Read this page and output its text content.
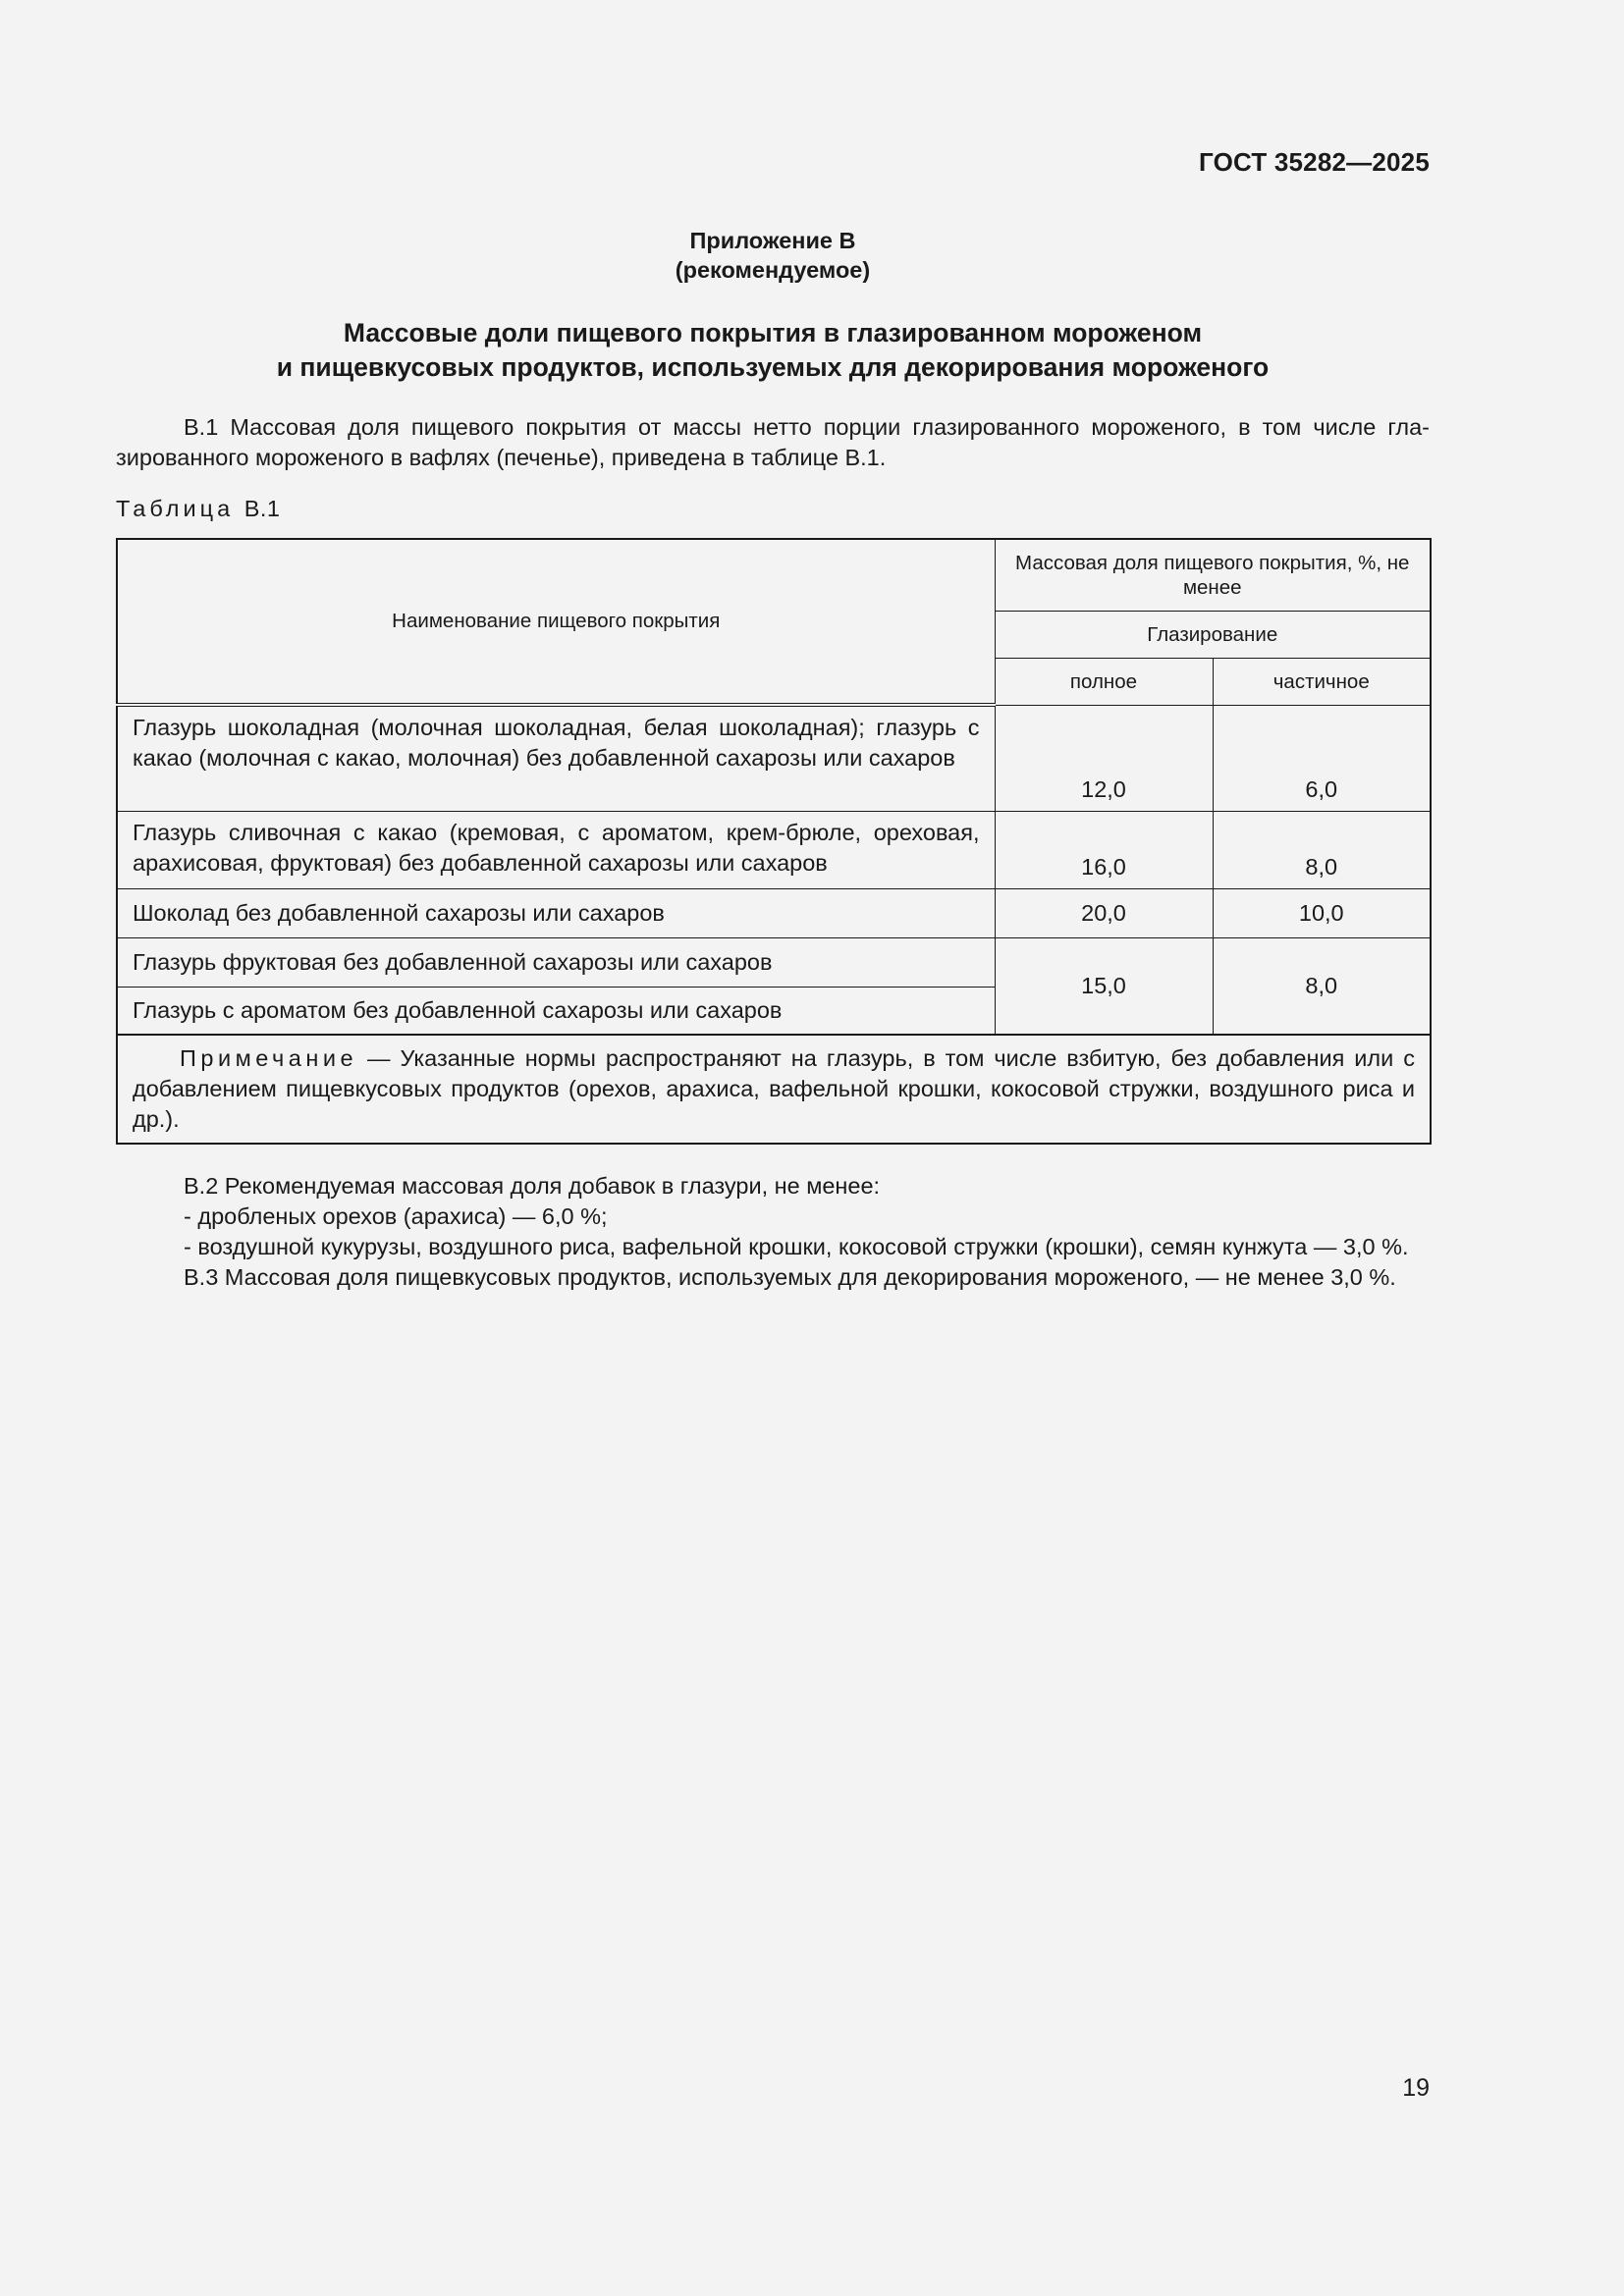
ГОСТ 35282—2025
Приложение В
(рекомендуемое)
Массовые доли пищевого покрытия в глазированном мороженом
и пищевкусовых продуктов, используемых для декорирования мороженого
В.1 Массовая доля пищевого покрытия от массы нетто порции глазированного мороженого, в том числе гла-зированного мороженого в вафлях (печенье), приведена в таблице В.1.
Таблица В.1
Наименование пищевого покрытия	Массовая доля пищевого покрытия, %, не менее	
	Глазирование	
	полное	частичное
Глазурь шоколадная (молочная шоколадная, белая шоколадная); глазурь с какао (молочная с какао, молочная) без добавленной сахарозы или сахаров	12,0	6,0
Глазурь сливочная с какао (кремовая, с ароматом, крем-брюле, ореховая, арахисовая, фруктовая) без добавленной сахарозы или сахаров	16,0	8,0
Шоколад без добавленной сахарозы или сахаров	20,0	10,0
Глазурь фруктовая без добавленной сахарозы или сахаров	15,0	8,0
Глазурь с ароматом без добавленной сахарозы или сахаров		
Примечание — Указанные нормы распространяют на глазурь, в том числе взбитую, без добавления или с добавлением пищевкусовых продуктов (орехов, арахиса, вафельной крошки, кокосовой стружки, воздушного риса и др.).		
В.2 Рекомендуемая массовая доля добавок в глазури, не менее:
- дробленых орехов (арахиса) — 6,0 %;
- воздушной кукурузы, воздушного риса, вафельной крошки, кокосовой стружки (крошки), семян кунжута — 3,0 %.
В.3 Массовая доля пищевкусовых продуктов, используемых для декорирования мороженого, — не менее 3,0 %.
19
